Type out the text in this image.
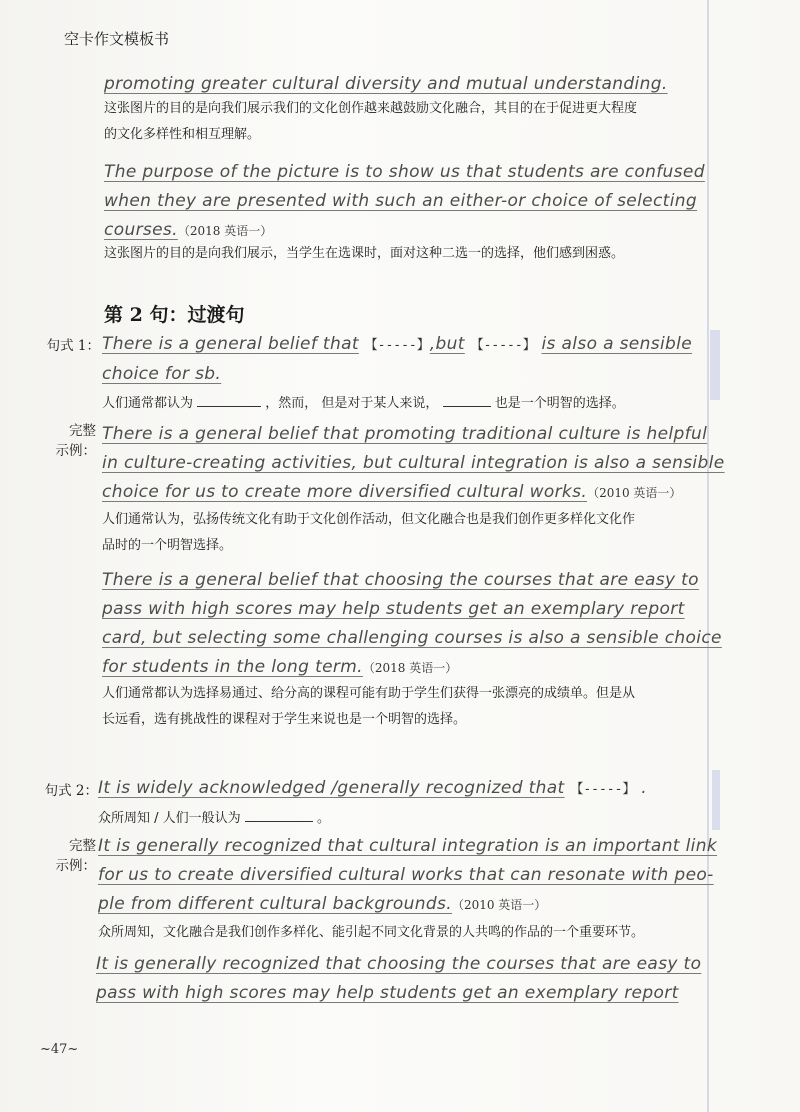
空卡作文模板书
promoting greater cultural diversity and mutual understanding.
这张图片的目的是向我们展示我们的文化创作越来越鼓励文化融合，其目的在于促进更大程度
的文化多样性和相互理解。
The purpose of the picture is to show us that students are confused
when they are presented with such an either-or choice of selecting
courses.（2018 英语一）
这张图片的目的是向我们展示，当学生在选课时，面对这种二选一的选择，他们感到困惑。
第 2 句：过渡句
句式 1： There is a general belief that 【-----】,but 【-----】 is also a sensible
choice for sb.
人们通常都认为	，然而， 但是对于某人来说，	也是一个明智的选择。
完整
示例：
There is a general belief that promoting traditional culture is helpful
in culture-creating activities, but cultural integration is also a sensible
choice for us to create more diversified cultural works.（2010 英语一）
人们通常认为，弘扬传统文化有助于文化创作活动，但文化融合也是我们创作更多样化文化作
品时的一个明智选择。
There is a general belief that choosing the courses that are easy to
pass with high scores may help students get an exemplary report
card, but selecting some challenging courses is also a sensible choice
for students in the long term.（2018 英语一）
人们通常都认为选择易通过、给分高的课程可能有助于学生们获得一张漂亮的成绩单。但是从
长远看，选有挑战性的课程对于学生来说也是一个明智的选择。
句式 2： It is widely acknowledged /generally recognized that 【-----】 .
众所周知 / 人们一般认为	。
完整
示例：
It is generally recognized that cultural integration is an important link
for us to create diversified cultural works that can resonate with peo-
ple from different cultural backgrounds.（2010 英语一）
众所周知，文化融合是我们创作多样化、能引起不同文化背景的人共鸣的作品的一个重要环节。
It is generally recognized that choosing the courses that are easy to
pass with high scores may help students get an exemplary report
~47~
